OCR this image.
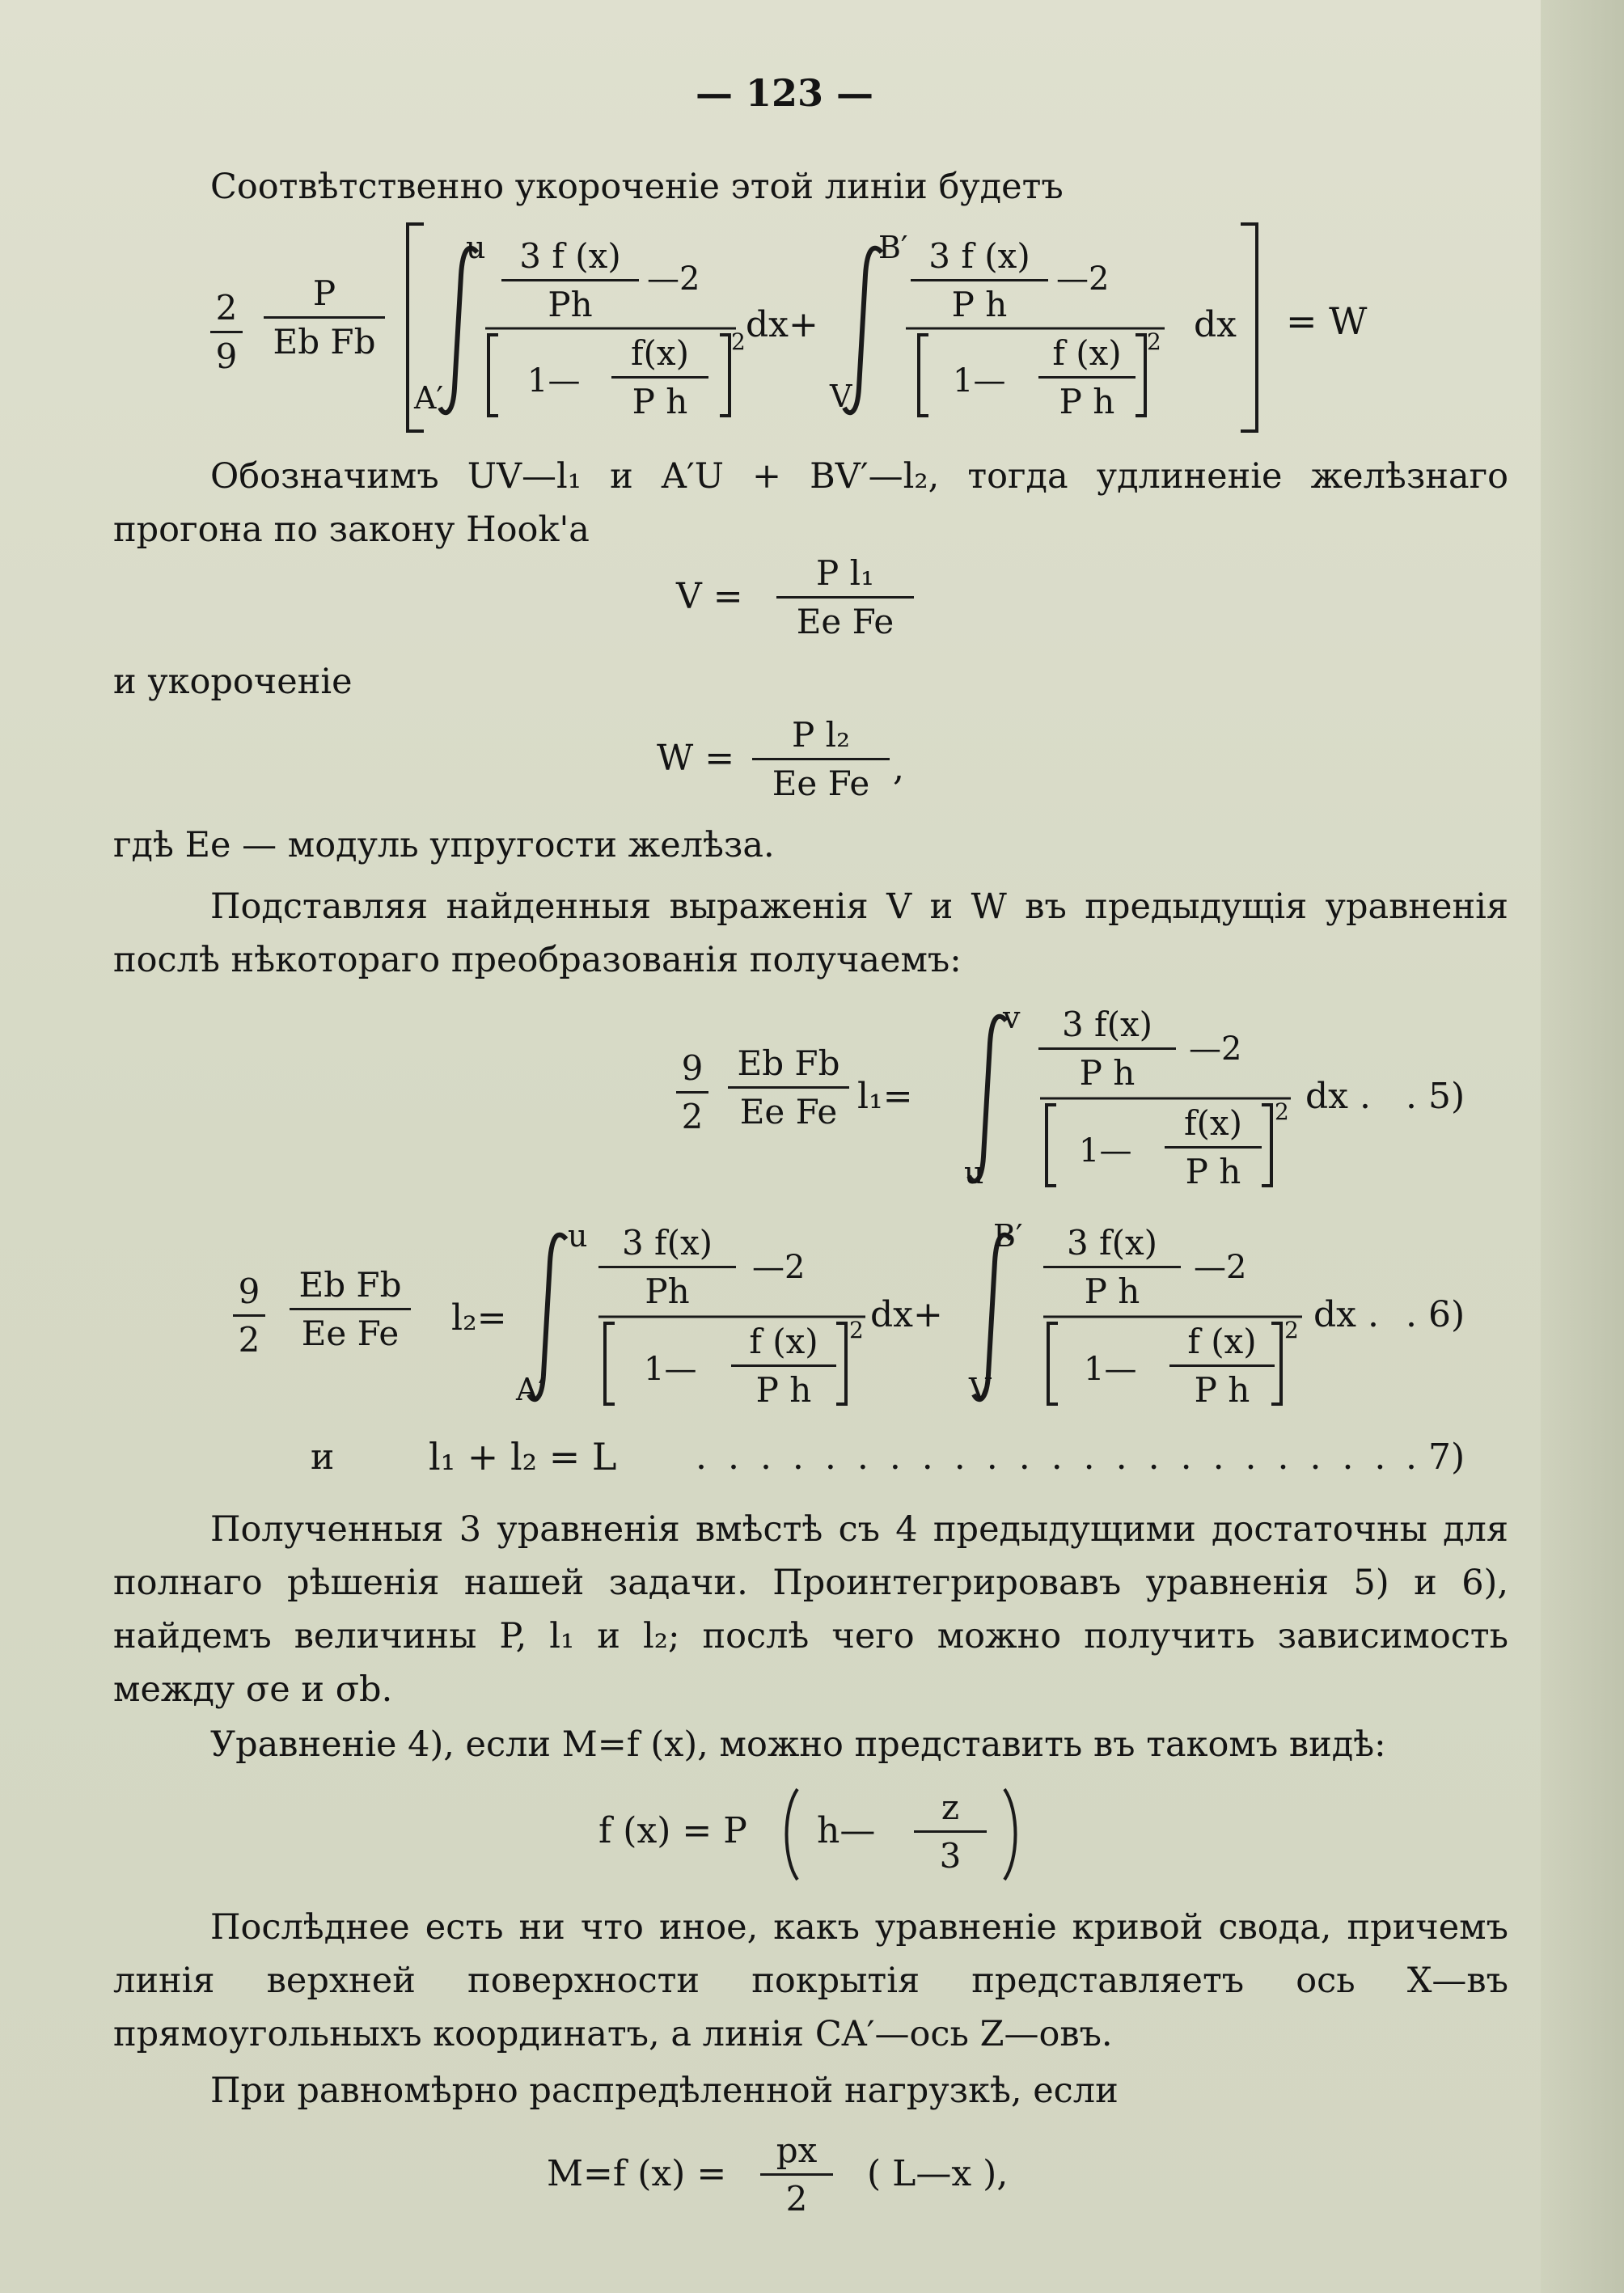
— 123 —
Соотвѣтственно укороченіе этой линіи будетъ
2
9
P
Eb Fb
u
A′
3 f (x)
Ph
—2
2
1—
f(x)
P h
dx+
B′
V
3 f (x)
P h
—2
2
1—
f (x)
P h
dx = W
Обозначимъ UV—l₁ и A′U + BV′—l₂, тогда удлиненіе желѣзнаго прогона по закону Hook'a
V =
P l₁
Ee Fe
и укороченіе
W =
P l₂
Ee Fe ,
гдѣ Eе — модуль упругости желѣза.
Подставляя найденныя выраженія V и W въ предыдущія уравненія послѣ нѣкотораго преобразованія получаемъ:
9
2
Eb Fb
Ee Fe l₁=
v
u
3 f(x)
P h
—2
2
1—
f(x)
P h
dx . . 5)
9
2
Eb Fb
Ee Fe	l₂=
u
A′
3 f(x)
Ph
—2
2
1—
f (x)
P h
dx+
B′
V
3 f(x)
P h
—2
2
1—
f (x)
P h
dx . . 6)
и	l₁ + l₂ = L . . . . . . . . . . . . . . . . . . . . . . . 7)
Полученныя 3 уравненія вмѣстѣ съ 4 предыдущими достаточны для полнаго рѣшенія нашей задачи. Проинтегрировавъ уравненія 5) и 6), найдемъ величины P, l₁ и l₂; послѣ чего можно получить зависимость между σе и σb.
Уравненіе 4), если M=f (x), можно представить въ такомъ видѣ:
f (x) = P h—
z
3
Послѣднее есть ни что иное, какъ уравненіе кривой свода, причемъ линія верхней поверхности покрытія представляетъ ось X—въ прямоугольныхъ координатъ, а линія CA′—ось Z—овъ.
При равномѣрно распредѣленной нагрузкѣ, если
M=f (x) =
px
2
( L—x ),
